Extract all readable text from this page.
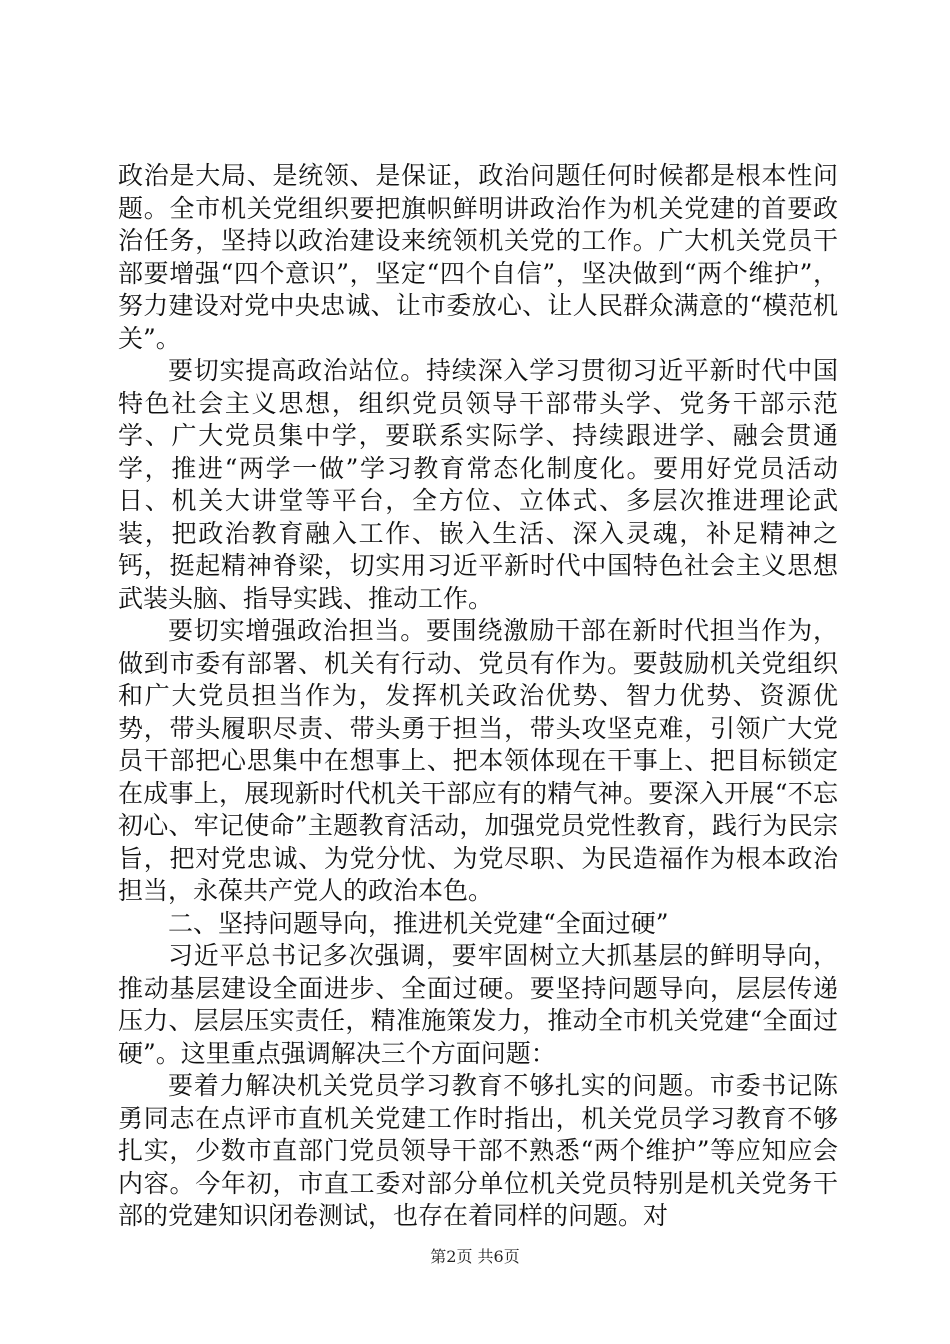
政治是大局、是统领、是保证，政治问题任何时候都是根本性问题。全市机关党组织要把旗帜鲜明讲政治作为机关党建的首要政治任务，坚持以政治建设来统领机关党的工作。广大机关党员干部要增强“四个意识”，坚定“四个自信”，坚决做到“两个维护”，努力建设对党中央忠诚、让市委放心、让人民群众满意的“模范机关”。

要切实提高政治站位。持续深入学习贯彻习近平新时代中国特色社会主义思想，组织党员领导干部带头学、党务干部示范学、广大党员集中学，要联系实际学、持续跟进学、融会贯通学，推进“两学一做”学习教育常态化制度化。要用好党员活动日、机关大讲堂等平台，全方位、立体式、多层次推进理论武装，把政治教育融入工作、嵌入生活、深入灵魂，补足精神之钙，挺起精神脊梁，切实用习近平新时代中国特色社会主义思想武装头脑、指导实践、推动工作。

要切实增强政治担当。要围绕激励干部在新时代担当作为，做到市委有部署、机关有行动、党员有作为。要鼓励机关党组织和广大党员担当作为，发挥机关政治优势、智力优势、资源优势，带头履职尽责、带头勇于担当，带头攻坚克难，引领广大党员干部把心思集中在想事上、把本领体现在干事上、把目标锁定在成事上，展现新时代机关干部应有的精气神。要深入开展“不忘初心、牢记使命”主题教育活动，加强党员党性教育，践行为民宗旨，把对党忠诚、为党分忧、为党尽职、为民造福作为根本政治担当，永葆共产党人的政治本色。

二、坚持问题导向，推进机关党建“全面过硬”

习近平总书记多次强调，要牢固树立大抓基层的鲜明导向，推动基层建设全面进步、全面过硬。要坚持问题导向，层层传递压力、层层压实责任，精准施策发力，推动全市机关党建“全面过硬”。这里重点强调解决三个方面问题：

要着力解决机关党员学习教育不够扎实的问题。市委书记陈勇同志在点评市直机关党建工作时指出，机关党员学习教育不够扎实，少数市直部门党员领导干部不熟悉“两个维护”等应知应会内容。今年初，市直工委对部分单位机关党员特别是机关党务干部的党建知识闭卷测试，也存在着同样的问题。对

第2页 共6页
